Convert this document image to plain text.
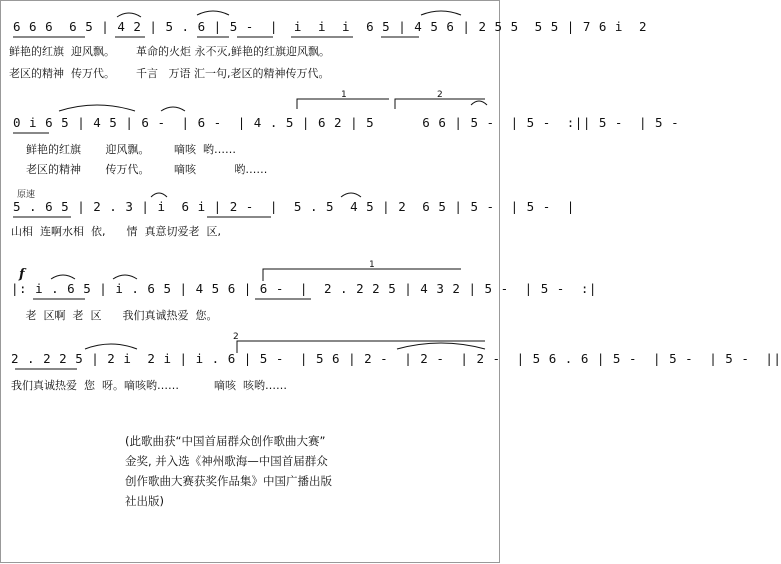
6 6 6  6 5 | 4 2 | 5 . 6 | 5 -  |  i  i  i  6 5 | 4 5 6 | 2 5 5  5 5 | 7 6 i  2
鲜艳的红旗  迎风飘。      革命的火炬 永不灭,鲜艳的红旗迎风飘。
老区的精神  传万代。      千言   万语 汇一句,老区的精神传万代。
0 i 6 5 | 4 5 | 6 -  | 6 -  | 4 . 5 | 6 2 | 5      6 6 | 5 -  | 5 -  :|| 5 -  | 5 -
鲜艳的红旗       迎风飘。       嘀咳  哟……
老区的精神       传万代。       嘀咳           哟……
原速
5 . 6 5 | 2 . 3 | i  6 i | 2 -  |  5 . 5  4 5 | 2  6 5 | 5 -  | 5 -  |
山相  连啊水相  依,      情  真意切爱老  区,
f
|: i . 6 5 | i . 6 5 | 4 5 6 | 6 -  |  2 . 2 2 5 | 4 3 2 | 5 -  | 5 -  :|
老  区啊  老  区      我们真诚热爱  您。
2 . 2 2 5 | 2 i  2 i | i . 6 | 5 -  | 5 6 | 2 -  | 2 -  | 2 -  | 5 6 . 6 | 5 -  | 5 -  | 5 -  ||
我们真诚热爱  您  呀。嘀咳哟……          嘀咳  咳哟……
1	2
1
2
(此歌曲获“中国首届群众创作歌曲大赛”
金奖, 并入选《神州歌海—中国首届群众
创作歌曲大赛获奖作品集》中国广播出版
社出版)
